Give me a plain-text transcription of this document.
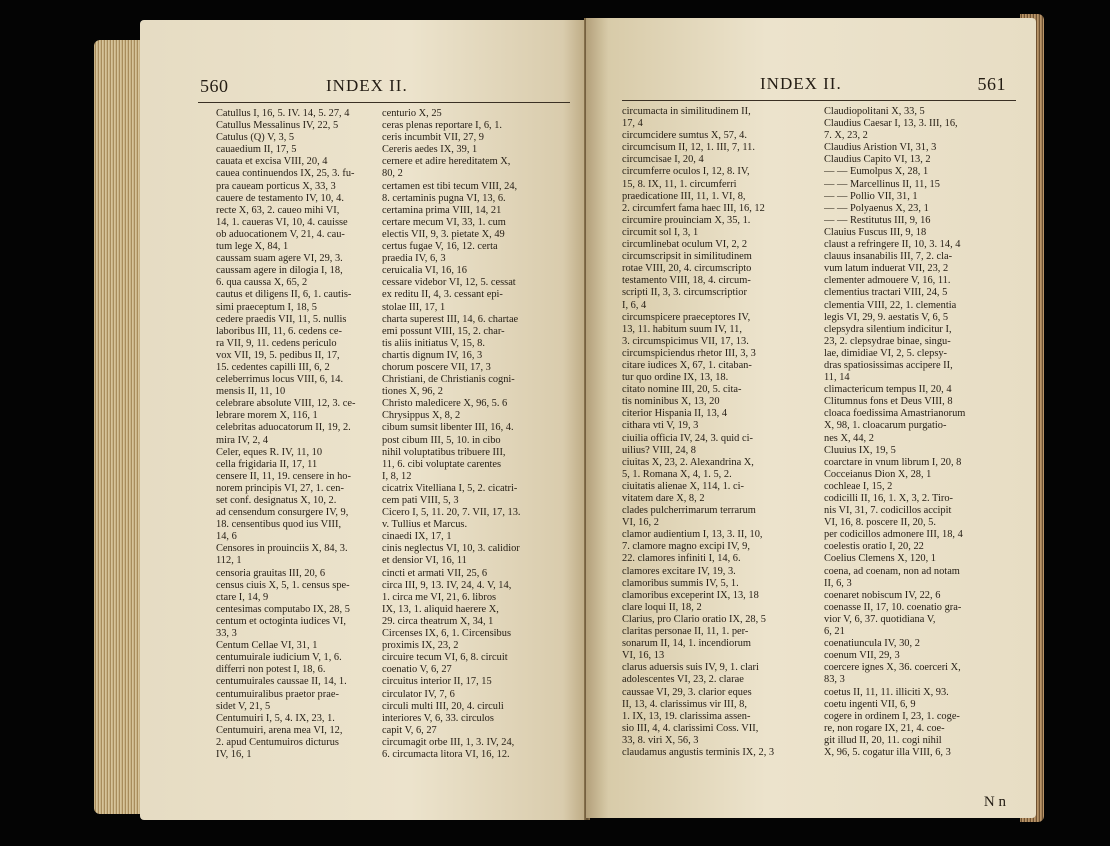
560	INDEX II.
Catullus I, 16, 5. IV. 14, 5. 27, 4
Catullus Messalinus IV, 22, 5
Catulus (Q) V, 3, 5
cauaedium II, 17, 5
cauata et excisa VIII, 20, 4
cauea continuendos IX, 25, 3. fu-
pra caueam porticus X, 33, 3
cauere de testamento IV, 10, 4.
recte X, 63, 2. caueo mihi VI,
14, 1. caueras VI, 10, 4. cauisse
ob aduocationem V, 21, 4. cau-
tum lege X, 84, 1
caussam suam agere VI, 29, 3.
caussam agere in dilogia I, 18,
6. qua caussa X, 65, 2
cautus et diligens II, 6, 1. cautis-
simi praeceptum I, 18, 5
cedere praedis VII, 11, 5. nullis
laboribus III, 11, 6. cedens ce-
ra VII, 9, 11. cedens periculo
vox VII, 19, 5. pedibus II, 17,
15. cedentes capilli III, 6, 2
celeberrimus locus VIII, 6, 14.
mensis II, 11, 10
celebrare absolute VIII, 12, 3. ce-
lebrare morem X, 116, 1
celebritas aduocatorum II, 19, 2.
mira IV, 2, 4
Celer, eques R. IV, 11, 10
cella frigidaria II, 17, 11
censere II, 11, 19. censere in ho-
norem principis VI, 27, 1. cen-
set conf. designatus X, 10, 2.
ad censendum consurgere IV, 9,
18. censentibus quod ius VIII,
14, 6
Censores in prouinciis X, 84, 3.
112, 1
censoria grauitas III, 20, 6
census ciuis X, 5, 1. census spe-
ctare I, 14, 9
centesimas computabo IX, 28, 5
centum et octoginta iudices VI,
33, 3
Centum Cellae VI, 31, 1
centumuirale iudicium V, 1, 6.
differri non potest I, 18, 6.
centumuirales caussae II, 14, 1.
centumuiralibus praetor prae-
sidet V, 21, 5
Centumuiri I, 5, 4. IX, 23, 1.
Centumuiri, arena mea VI, 12,
2. apud Centumuiros dicturus
IV, 16, 1
centurio X, 25
ceras plenas reportare I, 6, 1.
ceris incumbit VII, 27, 9
Cereris aedes IX, 39, 1
cernere et adire hereditatem X,
80, 2
certamen est tibi tecum VIII, 24,
8. certaminis pugna VI, 13, 6.
certamina prima VIII, 14, 21
certare mecum VI, 33, 1. cum
electis VII, 9, 3. pietate X, 49
certus fugae V, 16, 12. certa
praedia IV, 6, 3
ceruicalia VI, 16, 16
cessare videbor VI, 12, 5. cessat
ex reditu II, 4, 3. cessant epi-
stolae III, 17, 1
charta superest III, 14, 6. chartae
emi possunt VIII, 15, 2. char-
tis aliis initiatus V, 15, 8.
chartis dignum IV, 16, 3
chorum poscere VII, 17, 3
Christiani, de Christianis cogni-
tiones X, 96, 2
Christo maledicere X, 96, 5. 6
Chrysippus X, 8, 2
cibum sumsit libenter III, 16, 4.
post cibum III, 5, 10. in cibo
nihil voluptatibus tribuere III,
11, 6. cibi voluptate carentes
I, 8, 12
cicatrix Vitelliana I, 5, 2. cicatri-
cem pati VIII, 5, 3
Cicero I, 5, 11. 20, 7. VII, 17, 13.
v. Tullius et Marcus.
cinaedi IX, 17, 1
cinis neglectus VI, 10, 3. calidior
et densior VI, 16, 11
cincti et armati VII, 25, 6
circa III, 9, 13. IV, 24, 4. V, 14,
1. circa me VI, 21, 6. libros
IX, 13, 1. aliquid haerere X,
29. circa theatrum X, 34, 1
Circenses IX, 6, 1. Circensibus
proximis IX, 23, 2
circuire tecum VI, 6, 8. circuit
coenatio V, 6, 27
circuitus interior II, 17, 15
circulator IV, 7, 6
circuli multi III, 20, 4. circuli
interiores V, 6, 33. circulos
capit V, 6, 27
circumagit orbe III, 1, 3. IV, 24,
6. circumacta litora VI, 16, 12.
INDEX II.	561
circumacta in similitudinem II,
17, 4
circumcidere sumtus X, 57, 4.
circumcisum II, 12, 1. III, 7, 11.
circumcisae I, 20, 4
circumferre oculos I, 12, 8. IV,
15, 8. IX, 11, 1. circumferri
praedicatione III, 11, 1. VI, 8,
2. circumfert fama haec III, 16, 12
circumire prouinciam X, 35, 1.
circumit sol I, 3, 1
circumlinebat oculum VI, 2, 2
circumscripsit in similitudinem
rotae VIII, 20, 4. circumscripto
testamento VIII, 18, 4. circum-
scripti II, 3, 3. circumscriptior
I, 6, 4
circumspicere praeceptores IV,
13, 11. habitum suum IV, 11,
3. circumspicimus VII, 17, 13.
circumspiciendus rhetor III, 3, 3
citare iudices X, 67, 1. citaban-
tur quo ordine IX, 13, 18.
citato nomine III, 20, 5. cita-
tis nominibus X, 13, 20
citerior Hispania II, 13, 4
cithara vti V, 19, 3
ciuilia officia IV, 24, 3. quid ci-
uilius? VIII, 24, 8
ciuitas X, 23, 2. Alexandrina X,
5, 1. Romana X, 4, 1. 5, 2.
ciuitatis alienae X, 114, 1. ci-
vitatem dare X, 8, 2
clades pulcherrimarum terrarum
VI, 16, 2
clamor audientium I, 13, 3. II, 10,
7. clamore magno excipi IV, 9,
22. clamores infiniti I, 14, 6.
clamores excitare IV, 19, 3.
clamoribus summis IV, 5, 1.
clamoribus exceperint IX, 13, 18
clare loqui II, 18, 2
Clarius, pro Clario oratio IX, 28, 5
claritas personae II, 11, 1. per-
sonarum II, 14, 1. incendiorum
VI, 16, 13
clarus aduersis suis IV, 9, 1. clari
adolescentes VI, 23, 2. clarae
caussae VI, 29, 3. clarior eques
II, 13, 4. clarissimus vir III, 8,
1. IX, 13, 19. clarissima assen-
sio III, 4, 4. clarissimi Coss. VII,
33, 8. viri X, 56, 3
claudamus angustis terminis IX, 2, 3
Claudiopolitani X, 33, 5
Claudius Caesar I, 13, 3. III, 16,
7. X, 23, 2
Claudius Aristion VI, 31, 3
Claudius Capito VI, 13, 2
— — Eumolpus X, 28, 1
— — Marcellinus II, 11, 15
— — Pollio VII, 31, 1
— — Polyaenus X, 23, 1
— — Restitutus III, 9, 16
Clauius Fuscus III, 9, 18
claust a refringere II, 10, 3. 14, 4
clauus insanabilis III, 7, 2. cla-
vum latum induerat VII, 23, 2
clementer admouere V, 16, 11.
clementius tractari VIII, 24, 5
clementia VIII, 22, 1. clementia
legis VI, 29, 9. aestatis V, 6, 5
clepsydra silentium indicitur I,
23, 2. clepsydrae binae, singu-
lae, dimidiae VI, 2, 5. clepsy-
dras spatiosissimas accipere II,
11, 14
climactericum tempus II, 20, 4
Clitumnus fons et Deus VIII, 8
cloaca foedissima Amastrianorum
X, 98, 1. cloacarum purgatio-
nes X, 44, 2
Cluuius IX, 19, 5
coarctare in vnum librum I, 20, 8
Cocceianus Dion X, 28, 1
cochleae I, 15, 2
codicilli II, 16, 1. X, 3, 2. Tiro-
nis VI, 31, 7. codicillos accipit
VI, 16, 8. poscere II, 20, 5.
per codicillos admonere III, 18, 4
coelestis oratio I, 20, 22
Coelius Clemens X, 120, 1
coena, ad coenam, non ad notam
II, 6, 3
coenaret nobiscum IV, 22, 6
coenasse II, 17, 10. coenatio gra-
vior V, 6, 37. quotidiana V,
6, 21
coenatiuncula IV, 30, 2
coenum VII, 29, 3
coercere ignes X, 36. coerceri X,
83, 3
coetus II, 11, 11. illiciti X, 93.
coetu ingenti VII, 6, 9
cogere in ordinem I, 23, 1. coge-
re, non rogare IX, 21, 4. coe-
git illud II, 20, 11. cogi nihil
X, 96, 5. cogatur illa VIII, 6, 3
N n
